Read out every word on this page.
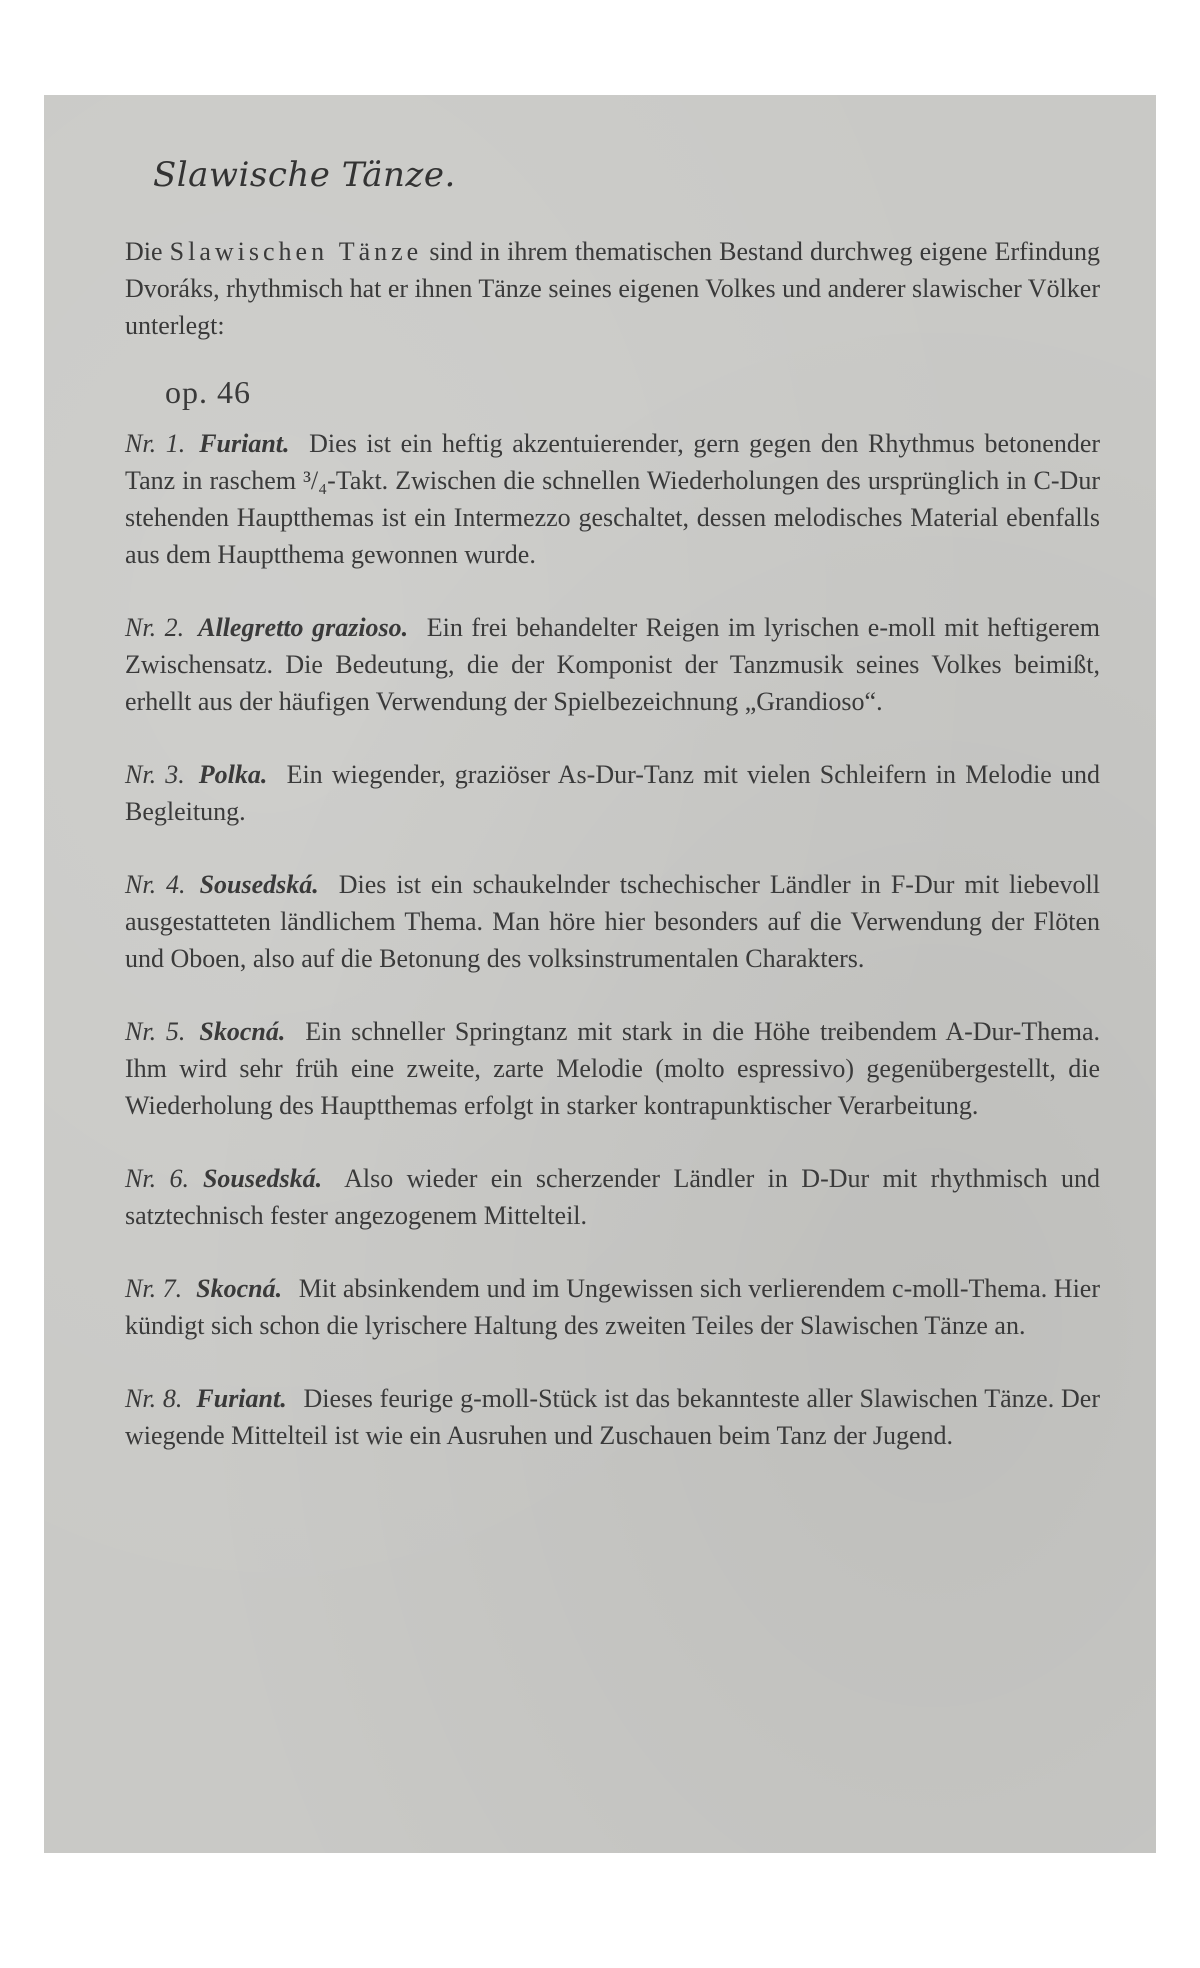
Slawische Tänze.

Die Slawischen Tänze sind in ihrem thematischen Bestand durchweg eigene Erfindung Dvoráks, rhythmisch hat er ihnen Tänze seines eigenen Volkes und anderer slawischer Völker unterlegt:

op. 46

Nr. 1. Furiant. Dies ist ein heftig akzentuierender, gern gegen den Rhythmus betonender Tanz in raschem ³/₄-Takt. Zwischen die schnellen Wiederholungen des ursprünglich in C-Dur stehenden Hauptthemas ist ein Intermezzo geschaltet, dessen melodisches Material ebenfalls aus dem Hauptthema gewonnen wurde.

Nr. 2. Allegretto grazioso. Ein frei behandelter Reigen im lyrischen e-moll mit heftigerem Zwischensatz. Die Bedeutung, die der Komponist der Tanzmusik seines Volkes beimißt, erhellt aus der häufigen Verwendung der Spielbezeichnung „Grandioso“.

Nr. 3. Polka. Ein wiegender, graziöser As-Dur-Tanz mit vielen Schleifern in Melodie und Begleitung.

Nr. 4. Sousedská. Dies ist ein schaukelnder tschechischer Ländler in F-Dur mit liebevoll ausgestatteten ländlichem Thema. Man höre hier besonders auf die Verwendung der Flöten und Oboen, also auf die Betonung des volksinstrumentalen Charakters.

Nr. 5. Skocná. Ein schneller Springtanz mit stark in die Höhe treibendem A-Dur-Thema. Ihm wird sehr früh eine zweite, zarte Melodie (molto espressivo) gegenübergestellt, die Wiederholung des Hauptthemas erfolgt in starker kontrapunktischer Verarbeitung.

Nr. 6. Sousedská. Also wieder ein scherzender Ländler in D-Dur mit rhythmisch und satztechnisch fester angezogenem Mittelteil.

Nr. 7. Skocná. Mit absinkendem und im Ungewissen sich verlierendem c-moll-Thema. Hier kündigt sich schon die lyrischere Haltung des zweiten Teiles der Slawischen Tänze an.

Nr. 8. Furiant. Dieses feurige g-moll-Stück ist das bekannteste aller Slawischen Tänze. Der wiegende Mittelteil ist wie ein Ausruhen und Zuschauen beim Tanz der Jugend.
